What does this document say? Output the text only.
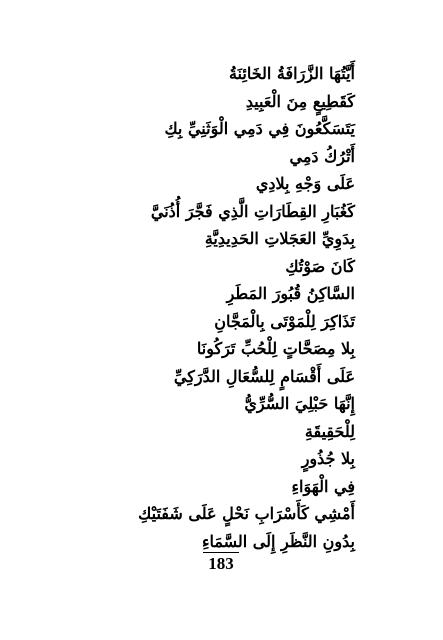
أَيَّتُهَا الزَّرَافَةُ الخَائِنَةُ
كَقَطِيعٍ مِنَ الْعَبِيدِ
يَتَسَكَّعُونَ فِي دَمِي الْوَثَنِيِّ بِكِ
أَتْرُكُ دَمِي
عَلَى وَجْهِ بِلادِي
كَغُبَارِ القِطَارَاتِ الَّذِي فَجَّرَ أُذُنَيَّ
بِدَوِيِّ العَجَلاتِ الحَدِيدِيَّةِ
كَانَ صَوْتُكِ
السَّاكِنُ قُبُورَ المَطَرِ
تَذَاكِرَ لِلْمَوْتَى بِالْمَجَّانِ
بِلا مِصَحَّاتٍ لِلْحُبِّ تَرَكُونَا
عَلَى أَقْسَامٍ لِلسُّعَالِ الدَّرَكِيِّ
إِنَّهَا حَبْلِيَ السُّرِّيُّ
لِلْحَقِيقَةِ
بِلا جُذُورٍ
فِي الْهَوَاءِ
أَمْشِي كَأَسْرَابِ نَحْلٍ عَلَى شَفَتَيْكِ
بِدُونِ النَّظَرِ إِلَى السَّمَاءِ
183
